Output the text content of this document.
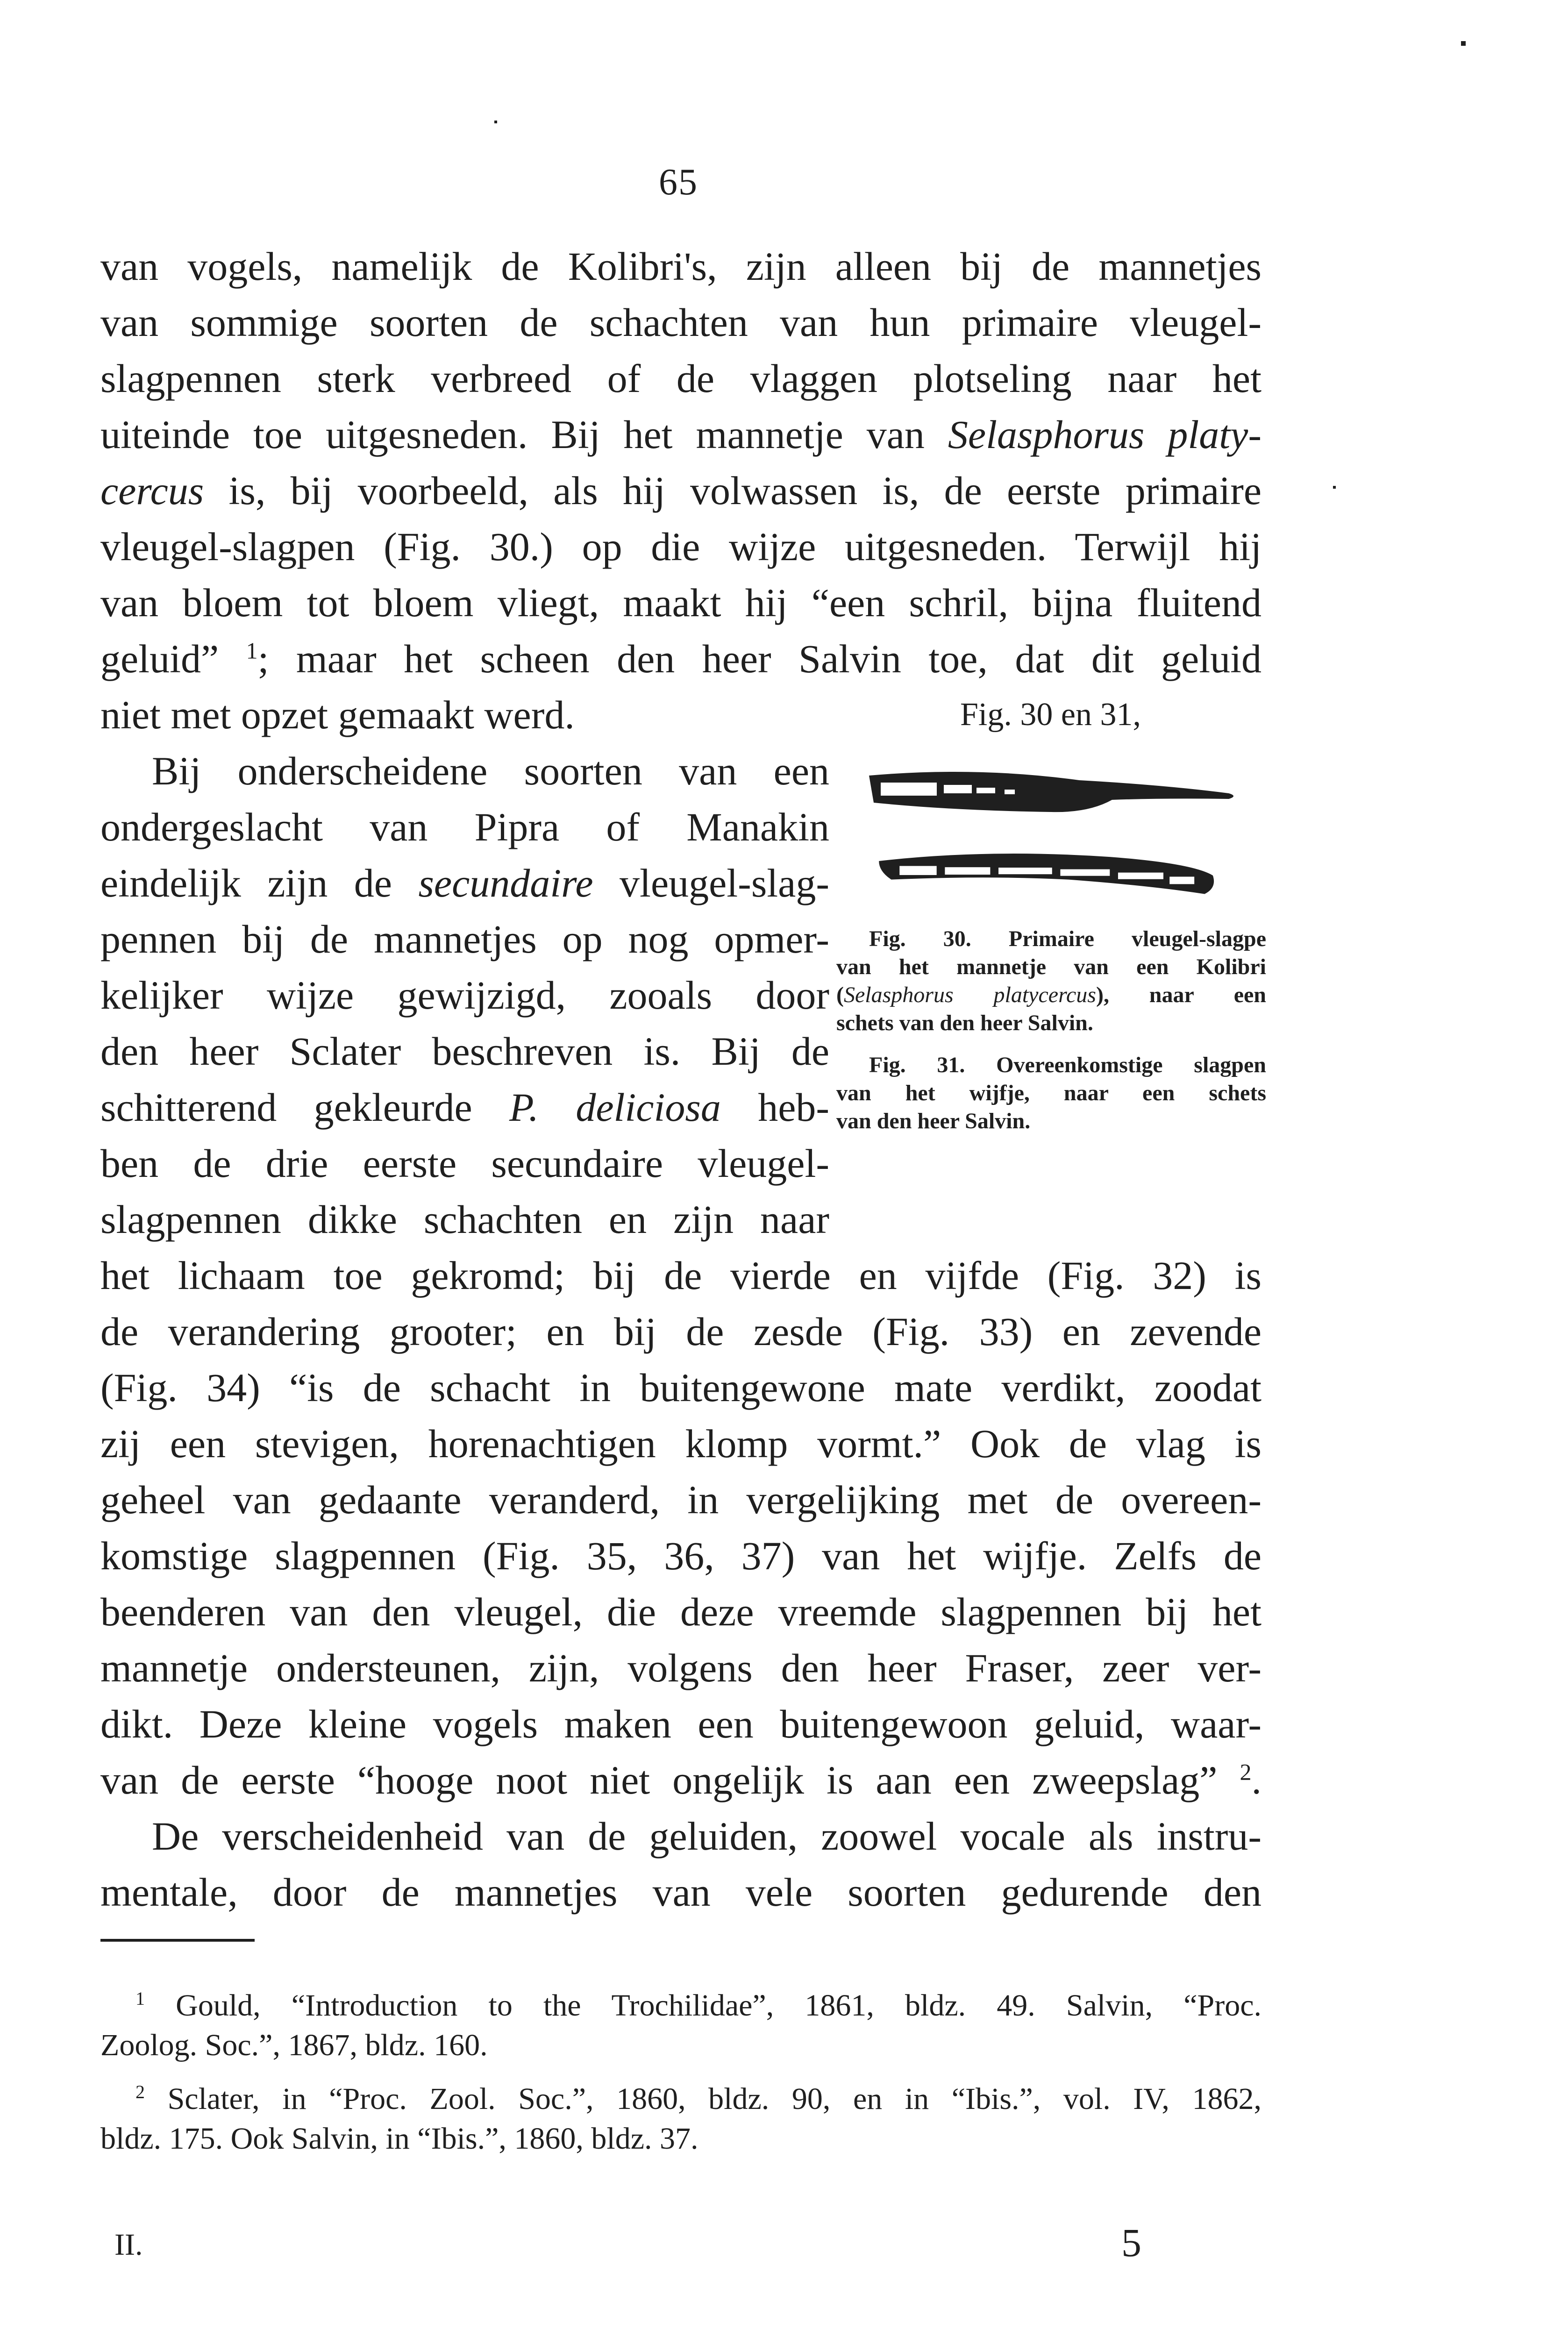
65
van vogels, namelijk de Kolibri's, zijn alleen bij de mannetjes
van sommige soorten de schachten van hun primaire vleugel-
slagpennen sterk verbreed of de vlaggen plotseling naar het
uiteinde toe uitgesneden. Bij het mannetje van Selasphorus platy-
cercus is, bij voorbeeld, als hij volwassen is, de eerste primaire
vleugel-slagpen (Fig. 30.) op die wijze uitgesneden. Terwijl hij
van bloem tot bloem vliegt, maakt hij “een schril, bijna fluitend
geluid” $^1$; maar het scheen den heer Salvin toe, dat dit geluid
niet met opzet gemaakt werd.	Fig. 30 en 31,
Bij onderscheidene soorten van een
ondergeslacht van Pipra of Manakin
eindelijk zijn de secundaire vleugel-slag-
pennen bij de mannetjes op nog opmer-
kelijker wijze gewijzigd, zooals door
den heer Sclater beschreven is. Bij de
schitterend gekleurde P. deliciosa heb-
ben de drie eerste secundaire vleugel-
slagpennen dikke schachten en zijn naar
Fig. 30. Primaire vleugel-slagpe
van het mannetje van een Kolibri
(Selasphorus platycercus), naar een
schets van den heer Salvin.
Fig. 31. Overeenkomstige slagpen
van het wijfje, naar een schets
van den heer Salvin.
het lichaam toe gekromd; bij de vierde en vijfde (Fig. 32) is
de verandering grooter; en bij de zesde (Fig. 33) en zevende
(Fig. 34) “is de schacht in buitengewone mate verdikt, zoodat
zij een stevigen, horenachtigen klomp vormt.” Ook de vlag is
geheel van gedaante veranderd, in vergelijking met de overeen-
komstige slagpennen (Fig. 35, 36, 37) van het wijfje. Zelfs de
beenderen van den vleugel, die deze vreemde slagpennen bij het
mannetje ondersteunen, zijn, volgens den heer Fraser, zeer ver-
dikt. Deze kleine vogels maken een buitengewoon geluid, waar-
van de eerste “hooge noot niet ongelijk is aan een zweepslag” $^2$.
De verscheidenheid van de geluiden, zoowel vocale als instru-
mentale, door de mannetjes van vele soorten gedurende den
$^1$ Gould, “Introduction to the Trochilidae”, 1861, bldz. 49. Salvin, “Proc.
Zoolog. Soc.”, 1867, bldz. 160.
$^2$ Sclater, in “Proc. Zool. Soc.”, 1860, bldz. 90, en in “Ibis.”, vol. IV, 1862,
bldz. 175. Ook Salvin, in “Ibis.”, 1860, bldz. 37.
II.	5
